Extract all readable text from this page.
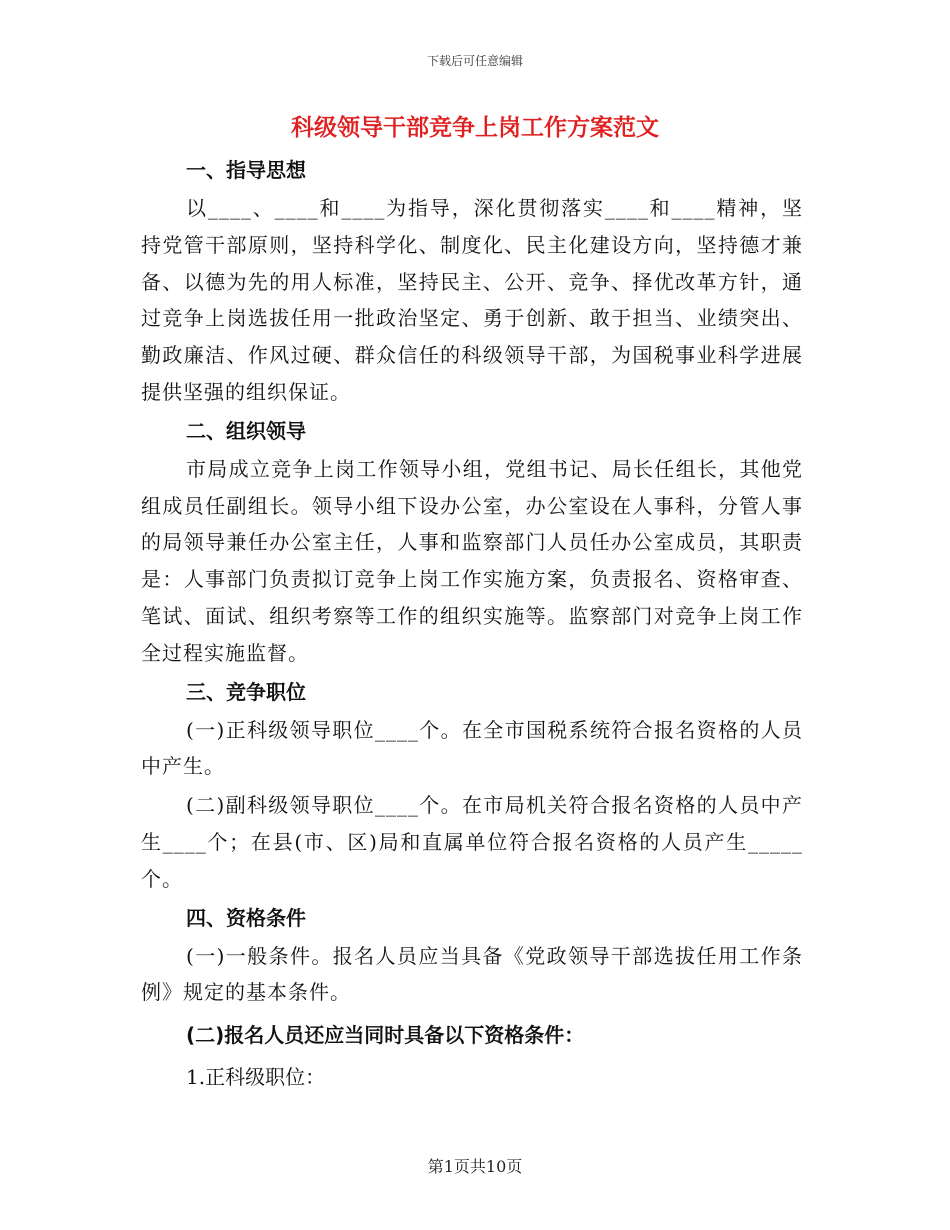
下载后可任意编辑
科级领导干部竞争上岗工作方案范文
一、指导思想

以____、____和____为指导，深化贯彻落实____和____精神，坚持党管干部原则，坚持科学化、制度化、民主化建设方向，坚持德才兼备、以德为先的用人标准，坚持民主、公开、竞争、择优改革方针，通过竞争上岗选拔任用一批政治坚定、勇于创新、敢于担当、业绩突出、勤政廉洁、作风过硬、群众信任的科级领导干部，为国税事业科学进展提供坚强的组织保证。

二、组织领导

市局成立竞争上岗工作领导小组，党组书记、局长任组长，其他党组成员任副组长。领导小组下设办公室，办公室设在人事科，分管人事的局领导兼任办公室主任，人事和监察部门人员任办公室成员，其职责是：人事部门负责拟订竞争上岗工作实施方案，负责报名、资格审查、笔试、面试、组织考察等工作的组织实施等。监察部门对竞争上岗工作全过程实施监督。

三、竞争职位

(一)正科级领导职位____个。在全市国税系统符合报名资格的人员中产生。

(二)副科级领导职位____个。在市局机关符合报名资格的人员中产生____个；在县(市、区)局和直属单位符合报名资格的人员产生_____个。

四、资格条件

(一)一般条件。报名人员应当具备《党政领导干部选拔任用工作条例》规定的基本条件。

(二)报名人员还应当同时具备以下资格条件：
1.正科级职位：
第1页共10页
